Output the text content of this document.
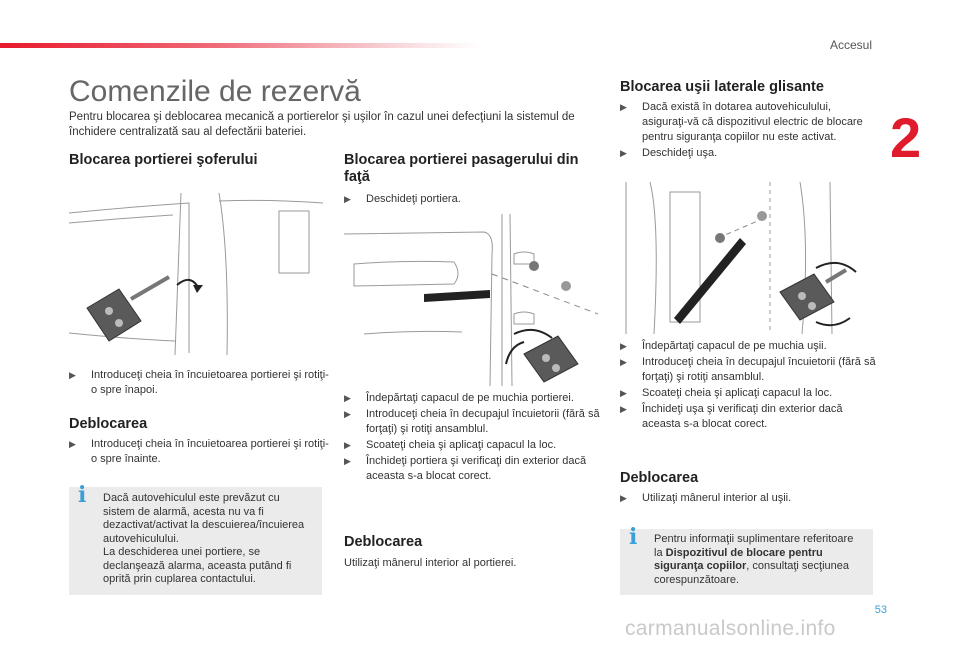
Accesul
2
Comenzile de rezervă
Pentru blocarea şi deblocarea mecanică a portierelor şi uşilor în cazul unei defecţiuni la sistemul de închidere centralizată sau al defectării bateriei.
Blocarea portierei şoferului
▶ Introduceţi cheia în încuietoarea portierei şi rotiţi-o spre înapoi.
Deblocarea
▶ Introduceţi cheia în încuietoarea portierei şi rotiţi-o spre înainte.
i Dacă autovehiculul este prevăzut cu sistem de alarmă, acesta nu va fi dezactivat/activat la descuierea/încuierea autovehiculului.
La deschiderea unei portiere, se declanşează alarma, aceasta putând fi oprită prin cuplarea contactului.
Blocarea portierei pasagerului din faţă
▶ Deschideţi portiera.
▶ Îndepărtaţi capacul de pe muchia portierei.
▶ Introduceţi cheia în decupajul încuietorii (fără să forţaţi) şi rotiţi ansamblul.
▶ Scoateţi cheia şi aplicaţi capacul la loc.
▶ Închideţi portiera şi verificaţi din exterior dacă aceasta s-a blocat corect.
Deblocarea
Utilizaţi mânerul interior al portierei.
Blocarea uşii laterale glisante
▶ Dacă există în dotarea autovehiculului, asiguraţi-vă că dispozitivul electric de blocare pentru siguranţa copiilor nu este activat.
▶ Deschideţi uşa.
▶ Îndepărtaţi capacul de pe muchia uşii.
▶ Introduceţi cheia în decupajul încuietorii (fără să forţaţi) şi rotiţi ansamblul.
▶ Scoateţi cheia şi aplicaţi capacul la loc.
▶ Închideţi uşa şi verificaţi din exterior dacă aceasta s-a blocat corect.
Deblocarea
▶ Utilizaţi mânerul interior al uşii.
i Pentru informaţii suplimentare referitoare la Dispozitivul de blocare pentru siguranţa copiilor, consultaţi secţiunea corespunzătoare.
53
carmanualsonline.info
